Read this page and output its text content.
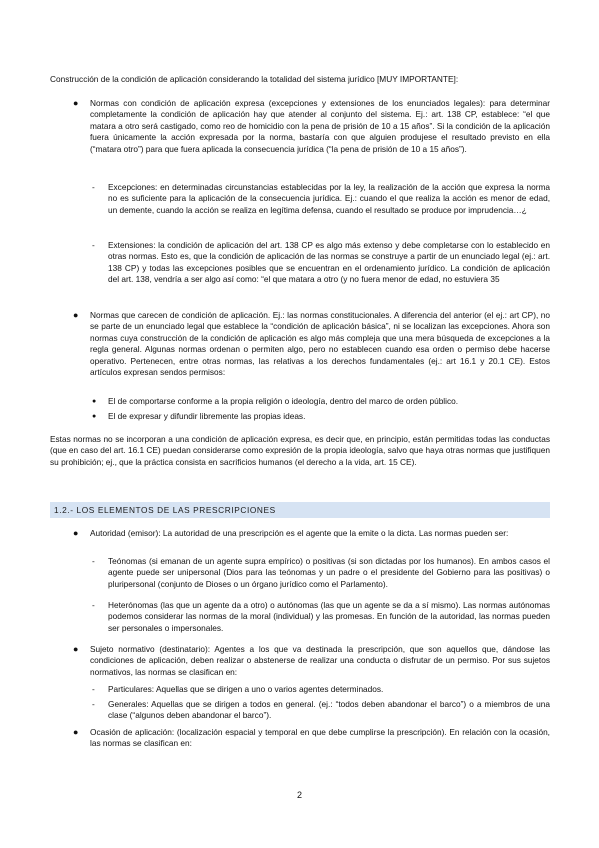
Construcción de la condición de aplicación considerando la totalidad del sistema jurídico [MUY IMPORTANTE]:

● Normas con condición de aplicación expresa (excepciones y extensiones de los enunciados legales): para determinar completamente la condición de aplicación hay que atender al conjunto del sistema. Ej.: art. 138 CP, establece: “el que matara a otro será castigado, como reo de homicidio con la pena de prisión de 10 a 15 años”. Si la condición de la aplicación fuera únicamente la acción expresada por la norma, bastaría con que alguien produjese el resultado previsto en ella (“matara otro”) para que fuera aplicada la consecuencia jurídica (“la pena de prisión de 10 a 15 años”).

- Excepciones: en determinadas circunstancias establecidas por la ley, la realización de la acción que expresa la norma no es suficiente para la aplicación de la consecuencia jurídica. Ej.: cuando el que realiza la acción es menor de edad, un demente, cuando la acción se realiza en legítima defensa, cuando el resultado se produce por imprudencia…¿

- Extensiones: la condición de aplicación del art. 138 CP es algo más extenso y debe completarse con lo establecido en otras normas. Esto es, que la condición de aplicación de las normas se construye a partir de un enunciado legal (ej.: art. 138 CP) y todas las excepciones posibles que se encuentran en el ordenamiento jurídico. La condición de aplicación del art. 138, vendría a ser algo así como: “el que matara a otro (y no fuera menor de edad, no estuviera 35

● Normas que carecen de condición de aplicación. Ej.: las normas constitucionales. A diferencia del anterior (el ej.: art CP), no se parte de un enunciado legal que establece la “condición de aplicación básica”, ni se localizan las excepciones. Ahora son normas cuya construcción de la condición de aplicación es algo más compleja que una mera búsqueda de excepciones a la regla general. Algunas normas ordenan o permiten algo, pero no establecen cuando esa orden o permiso debe hacerse operativo. Pertenecen, entre otras normas, las relativas a los derechos fundamentales (ej.: art 16.1 y 20.1 CE). Estos artículos expresan sendos permisos:

● El de comportarse conforme a la propia religión o ideología, dentro del marco de orden público.

● El de expresar y difundir libremente las propias ideas.

Estas normas no se incorporan a una condición de aplicación expresa, es decir que, en principio, están permitidas todas las conductas (que en caso del art. 16.1 CE) puedan considerarse como expresión de la propia ideología, salvo que haya otras normas que justifiquen su prohibición; ej., que la práctica consista en sacrificios humanos (el derecho a la vida, art. 15 CE).

1.2.- LOS ELEMENTOS DE LAS PRESCRIPCIONES
● Autoridad (emisor): La autoridad de una prescripción es el agente que la emite o la dicta. Las normas pueden ser:

- Teónomas (si emanan de un agente supra empírico) o positivas (si son dictadas por los humanos). En ambos casos el agente puede ser unipersonal (Dios para las teónomas y un padre o el presidente del Gobierno para las positivas) o pluripersonal (conjunto de Dioses o un órgano jurídico como el Parlamento).

- Heterónomas (las que un agente da a otro) o autónomas (las que un agente se da a sí mismo). Las normas autónomas podemos considerar las normas de la moral (individual) y las promesas. En función de la autoridad, las normas pueden ser personales o impersonales.

● Sujeto normativo (destinatario): Agentes a los que va destinada la prescripción, que son aquellos que, dándose las condiciones de aplicación, deben realizar o abstenerse de realizar una conducta o disfrutar de un permiso. Por sus sujetos normativos, las normas se clasifican en:

- Particulares: Aquellas que se dirigen a uno o varios agentes determinados.

- Generales: Aquellas que se dirigen a todos en general. (ej.: “todos deben abandonar el barco”) o a miembros de una clase (“algunos deben abandonar el barco”).

● Ocasión de aplicación: (localización espacial y temporal en que debe cumplirse la prescripción). En relación con la ocasión, las normas se clasifican en:

2
